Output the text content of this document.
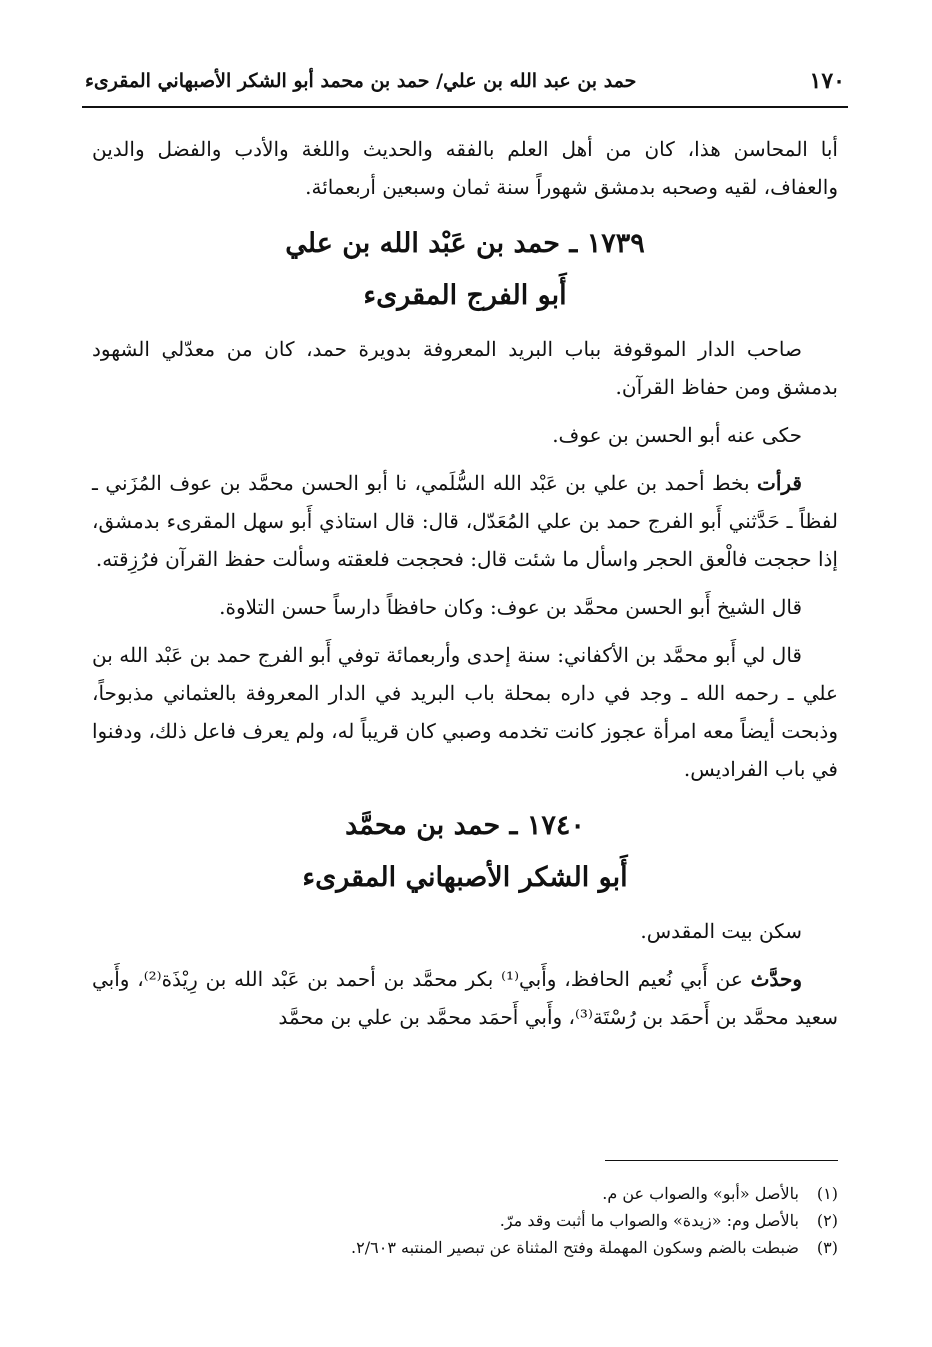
١٧٠
حمد بن عبد الله بن علي/ حمد بن محمد أبو الشكر الأصبهاني المقرىء

أبا المحاسن هذا، كان من أهل العلم بالفقه والحديث واللغة والأدب والفضل والدين والعفاف، لقيه وصحبه بدمشق شهوراً سنة ثمان وسبعين أربعمائة.

١٧٣٩ ـ حمد بن عَبْد الله بن علي

أَبو الفرج المقرىء

صاحب الدار الموقوفة بباب البريد المعروفة بدويرة حمد، كان من معدّلي الشهود بدمشق ومن حفاظ القرآن.

حكى عنه أبو الحسن بن عوف.

قرأت بخط أحمد بن علي بن عَبْد الله السُّلَمي، نا أبو الحسن محمَّد بن عوف المُزَني ـ لفظاً ـ حَدَّثني أَبو الفرج حمد بن علي المُعَدّل، قال: قال استاذي أَبو سهل المقرىء بدمشق، إذا حججت فالْعق الحجر واسأل ما شئت قال: فحججت فلعقته وسألت حفظ القرآن فرُزِقته.

قال الشيخ أَبو الحسن محمَّد بن عوف: وكان حافظاً دارساً حسن التلاوة.

قال لي أَبو محمَّد بن الأكفاني: سنة إحدى وأربعمائة توفي أَبو الفرج حمد بن عَبْد الله بن علي ـ رحمه الله ـ وجد في داره بمحلة باب البريد في الدار المعروفة بالعثماني مذبوحاً، وذبحت أيضاً معه امرأة عجوز كانت تخدمه وصبي كان قريباً له، ولم يعرف فاعل ذلك، ودفنوا في باب الفراديس.

١٧٤٠ ـ حمد بن محمَّد

أَبو الشكر الأصبهاني المقرىء

سكن بيت المقدس.

وحدَّث عن أَبي نُعيم الحافظ، وأَبي⁽¹⁾ بكر محمَّد بن أحمد بن عَبْد الله بن رِيْذَة⁽²⁾، وأَبي سعيد محمَّد بن أَحمَد بن رُسْتَة⁽³⁾، وأَبي أَحمَد محمَّد بن علي بن محمَّد

(١) بالأصل «أبو» والصواب عن م.

(٢) بالأصل وم: «زيدة» والصواب ما أثبت وقد مرّ.

(٣) ضبطت بالضم وسكون المهملة وفتح المثناة عن تبصير المنتبه ٢/٦٠٣.
